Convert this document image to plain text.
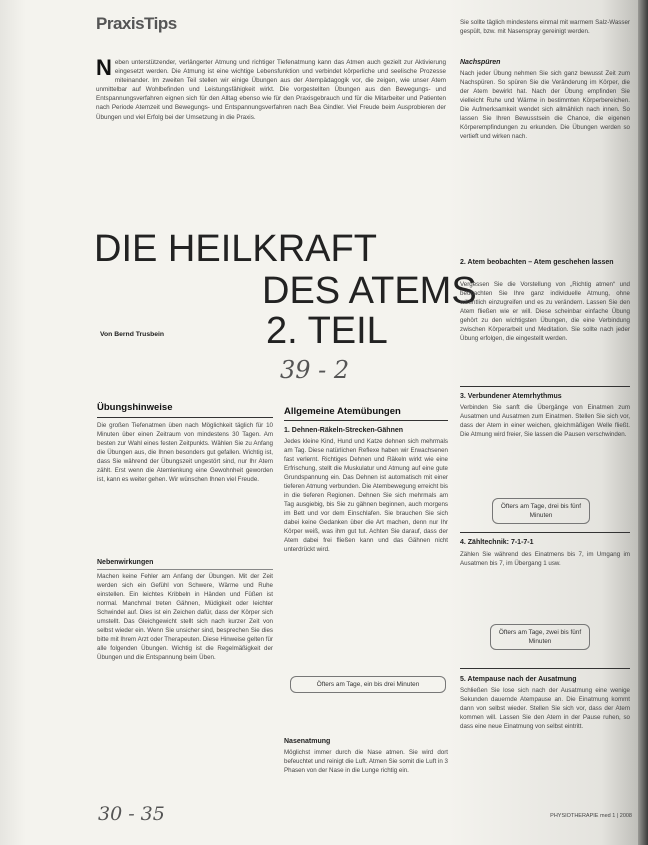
PraxisTips
N eben unterstützender, verlängerter Atmung und richtiger Tiefenatmung kann das Atmen auch gezielt zur Aktivierung eingesetzt werden. Die Atmung ist eine wichtige Lebensfunktion und verbindet körperliche und seelische Prozesse miteinander. Im zweiten Teil stellen wir einige Übungen aus der Atempädagogik vor, die zeigen, wie unser Atem unmittelbar auf Wohlbefinden und Leistungsfähigkeit wirkt. Die vorgestellten Übungen aus den Bewegungs- und Entspannungsverfahren eignen sich für den Alltag ebenso wie für den Praxisgebrauch und für die Mitarbeiter und Patienten nach Periode Atemzeit und Bewegungs- und Entspannungsverfahren nach Bea Gindler. Viel Freude beim Ausprobieren der Übungen und viel Erfolg bei der Umsetzung in die Praxis.
DIE HEILKRAFT
DES ATEMS
2. TEIL
Von Bernd Trusbein
39 - 2
Übungshinweise
Die großen Tiefenatmen üben nach Möglichkeit täglich für 10 Minuten über einen Zeitraum von mindestens 30 Tagen. Am besten zur Wahl eines festen Zeitpunkts. Wählen Sie zu Anfang die Übungen aus, die Ihnen besonders gut gefallen. Wichtig ist, dass Sie während der Übungszeit ungestört sind, nur Ihr Atem zählt. Erst wenn die Atemlenkung eine Gewohnheit geworden ist, kann es weiter gehen. Wir wünschen Ihnen viel Freude.
Nebenwirkungen
Machen keine Fehler am Anfang der Übungen. Mit der Zeit werden sich ein Gefühl von Schwere, Wärme und Ruhe einstellen. Ein leichtes Kribbeln in Händen und Füßen ist normal. Manchmal treten Gähnen, Müdigkeit oder leichter Schwindel auf. Dies ist ein Zeichen dafür, dass der Körper sich umstellt. Das Gleichgewicht stellt sich nach kurzer Zeit von selbst wieder ein. Wenn Sie unsicher sind, besprechen Sie dies bitte mit Ihrem Arzt oder Therapeuten. Diese Hinweise gelten für alle folgenden Übungen. Wichtig ist die Regelmäßigkeit der Übungen und die Entspannung beim Üben.
30 - 35
Allgemeine Atemübungen
1. Dehnen-Räkeln-Strecken-Gähnen
Jedes kleine Kind, Hund und Katze dehnen sich mehrmals am Tag. Diese natürlichen Reflexe haben wir Erwachsenen fast verlernt. Richtiges Dehnen und Räkeln wirkt wie eine Erfrischung, stellt die Muskulatur und Atmung auf eine gute Grundspannung ein. Das Dehnen ist automatisch mit einer tieferen Atmung verbunden. Die Atembewegung erreicht bis in die tieferen Regionen. Dehnen Sie sich mehrmals am Tag ausgiebig, bis Sie zu gähnen beginnen, auch morgens im Bett und vor dem Einschlafen. Sie brauchen Sie sich dabei keine Gedanken über die Art machen, denn nur Ihr Körper weiß, was ihm gut tut. Achten Sie darauf, dass der Atem dabei frei fließen kann und das Gähnen nicht unterdrückt wird.
Öfters am Tage, ein bis drei Minuten
Nasenatmung
Möglichst immer durch die Nase atmen. Sie wird dort befeuchtet und reinigt die Luft. Atmen Sie somit die Luft in 3 Phasen von der Nase in die Lunge richtig ein.
Sie sollte täglich mindestens einmal mit warmem Salz-Wasser gespült, bzw. mit Nasenspray gereinigt werden.
Nachspüren
Nach jeder Übung nehmen Sie sich ganz bewusst Zeit zum Nachspüren. So spüren Sie die Veränderung im Körper, die der Atem bewirkt hat. Nach der Übung empfinden Sie vielleicht Ruhe und Wärme in bestimmten Körperbereichen. Die Aufmerksamkeit wendet sich allmählich nach innen. So lassen Sie Ihren Bewusstsein die Chance, die eigenen Körperempfindungen zu erkunden. Die Übungen werden so vertieft und wirken nach.
2. Atem beobachten – Atem geschehen lassen
Vergessen Sie die Vorstellung von „Richtig atmen“ und beobachten Sie Ihre ganz individuelle Atmung, ohne willentlich einzugreifen und es zu verändern. Lassen Sie den Atem fließen wie er will. Diese scheinbar einfache Übung gehört zu den wichtigsten Übungen, die eine Verbindung zwischen Körperarbeit und Meditation. Sie sollte nach jeder Übung erfolgen, die eingestellt werden.
3. Verbundener Atemrhythmus
Verbinden Sie sanft die Übergänge von Einatmen zum Ausatmen und Ausatmen zum Einatmen. Stellen Sie sich vor, dass der Atem in einer weichen, gleichmäßigen Welle fließt. Die Atmung wird freier, Sie lassen die Pausen verschwinden.
Öfters am Tage, drei bis fünf Minuten
4. Zähltechnik: 7-1-7-1
Zählen Sie während des Einatmens bis 7, im Umgang im Ausatmen bis 7, im Übergang 1 usw.
Öfters am Tage, zwei bis fünf Minuten
5. Atempause nach der Ausatmung
Schließen Sie lose sich nach der Ausatmung eine wenige Sekunden dauernde Atempause an. Die Einatmung kommt dann von selbst wieder. Stellen Sie sich vor, dass der Atem kommen will. Lassen Sie den Atem in der Pause ruhen, so dass eine neue Einatmung von selbst eintritt.
PHYSIOTHERAPIE med 1 | 2008
